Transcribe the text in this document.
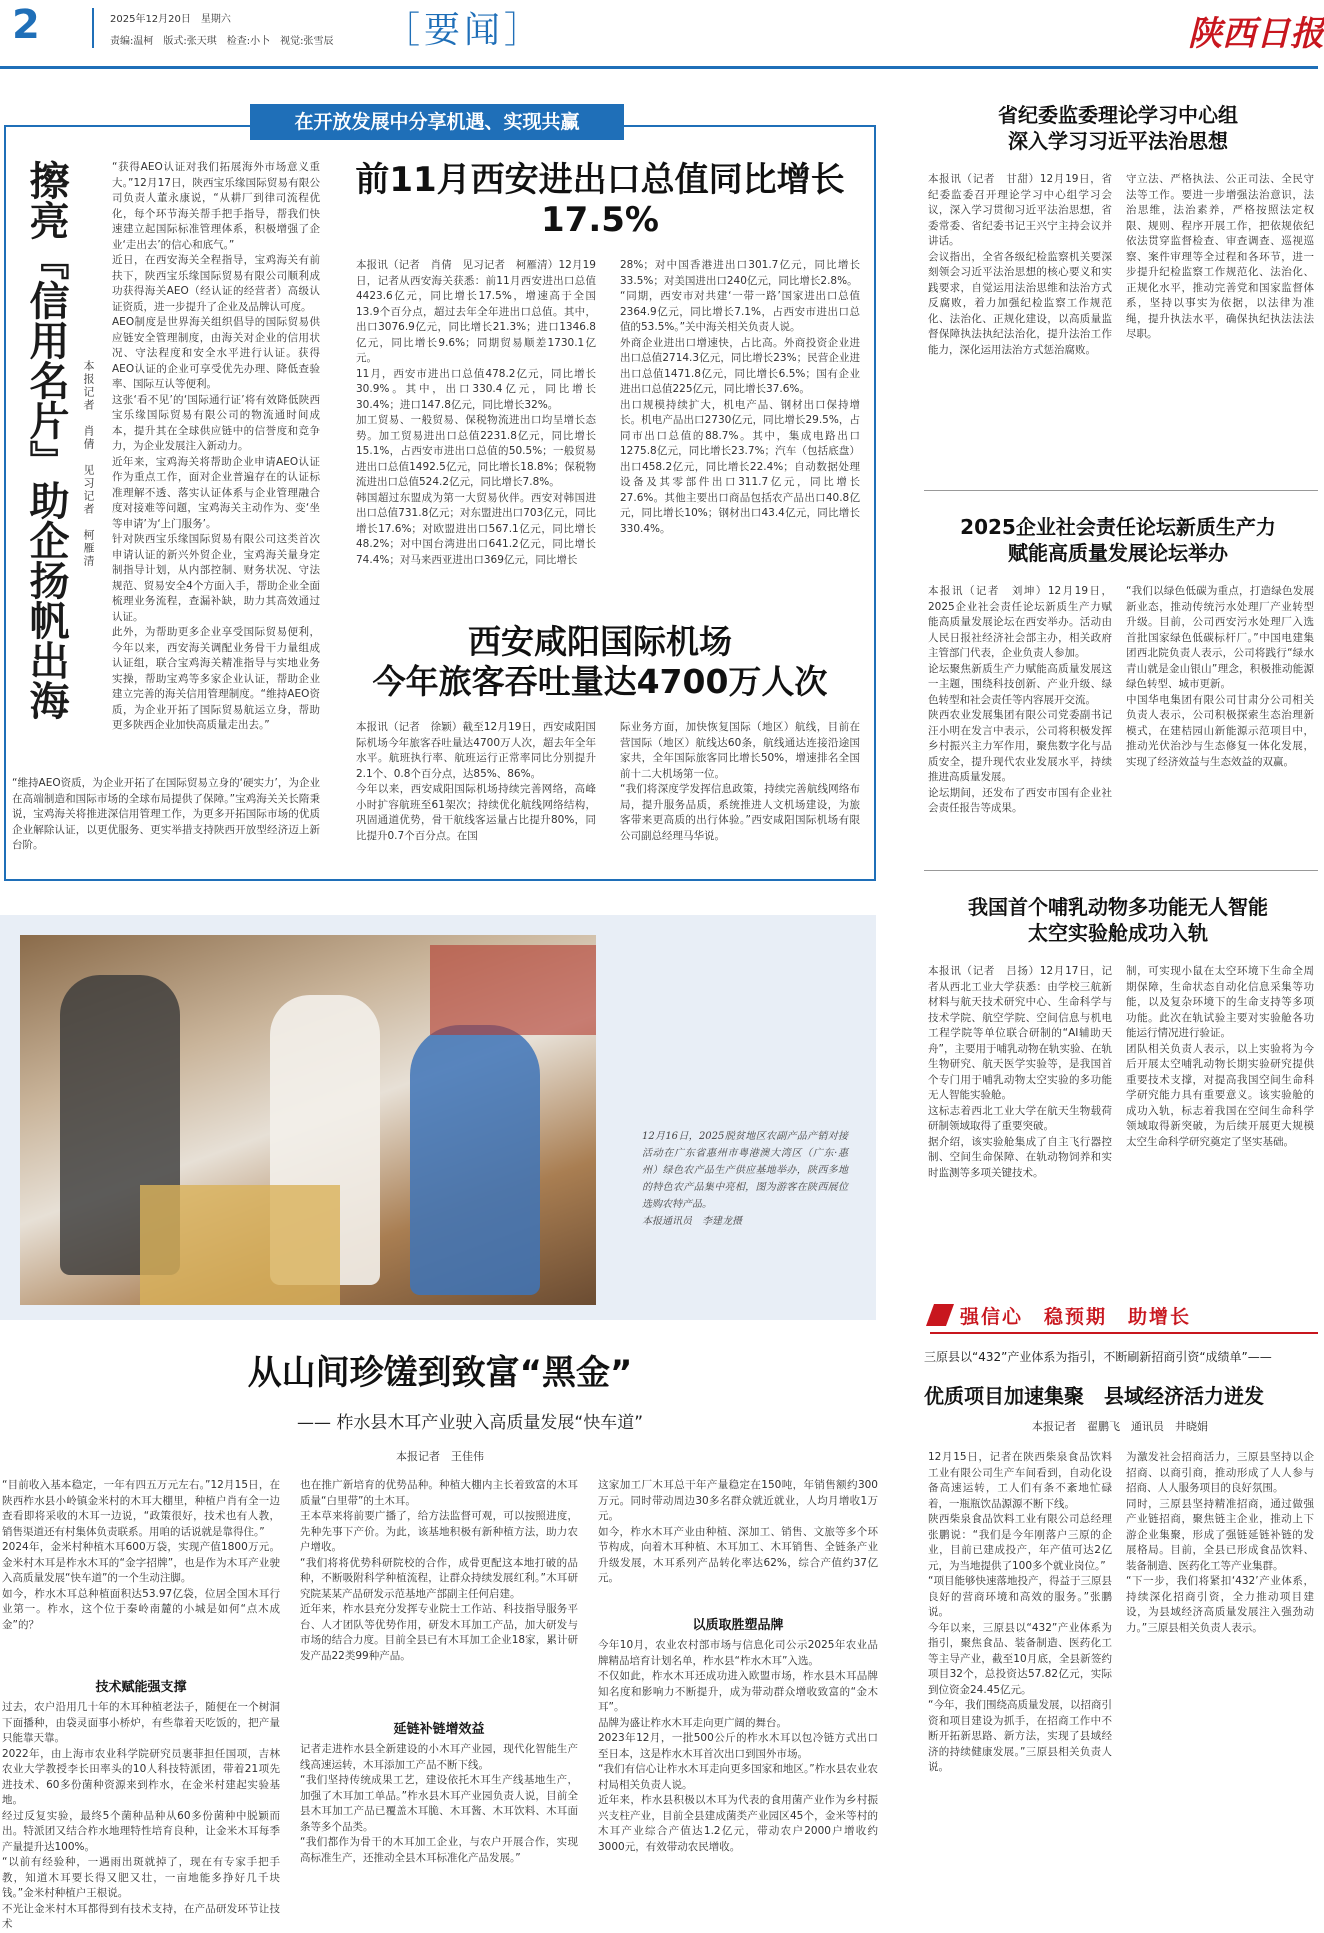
2	2025年12月20日　星期六
责编:温柯　版式:张天琪　检查:小卜　视觉:张雪辰 ［要闻］	陕西日报
在开放发展中分享机遇、实现共赢
擦亮『信用名片』助企扬帆出海 本报记者　肖倩　见习记者　柯雁清
“获得AEO认证对我们拓展海外市场意义重大。”12月17日，陕西宝乐缘国际贸易有限公司负责人董永康说，“从耕厂到律司流程优化，每个环节海关帮手把手指导，帮我们快速建立起国际标准管理体系，积极增强了企业‘走出去’的信心和底气。”
近日，在西安海关全程指导，宝鸡海关有前扶下，陕西宝乐缘国际贸易有限公司顺利成功获得海关AEO（经认证的经营者）高级认证资质，进一步提升了企业及品牌认可度。
AEO制度是世界海关组织倡导的国际贸易供应链安全管理制度，由海关对企业的信用状况、守法程度和安全水平进行认证。获得AEO认证的企业可享受优先办理、降低查验率、国际互认等便利。
这张‘看不见’的‘国际通行证’将有效降低陕西宝乐缘国际贸易有限公司的物流通时间成本，提升其在全球供应链中的信誉度和竞争力，为企业发展注入新动力。
近年来，宝鸡海关将帮助企业申请AEO认证作为重点工作，面对企业普遍存在的认证标准理解不透、落实认证体系与企业管理融合度对接难等问题，宝鸡海关主动作为、变‘坐等申请’为‘上门服务’。
针对陕西宝乐缘国际贸易有限公司这类首次申请认证的新兴外贸企业，宝鸡海关量身定制指导计划，从内部控制、财务状况、守法规范、贸易安全4个方面入手，帮助企业全面梳理业务流程，查漏补缺，助力其高效通过认证。
此外，为帮助更多企业享受国际贸易便利，今年以来，西安海关调配业务骨干力量组成认证组，联合宝鸡海关精准指导与实地业务实操，帮助宝鸡等多家企业认证，帮助企业建立完善的海关信用管理制度。“维持AEO资质，为企业开拓了国际贸易航运立身，帮助更多陕西企业加快高质量走出去。”
“维持AEO资质，为企业开拓了在国际贸易立身的‘硬实力’，为企业在高端制造和国际市场的全球布局提供了保障。”宝鸡海关关长隋秉说，宝鸡海关将推进深信用管理工作，为更多开拓国际市场的优质企业解除认证，以更优服务、更实举措支持陕西开放型经济迈上新台阶。
前11月西安进出口总值同比增长17.5%
本报讯（记者　肖倩　见习记者　柯雁清）12月19日，记者从西安海关获悉：前11月西安进出口总值4423.6亿元，同比增长17.5%，增速高于全国13.9个百分点，超过去年全年进出口总值。其中，出口3076.9亿元，同比增长21.3%；进口1346.8亿元，同比增长9.6%；同期贸易顺差1730.1亿元。
11月，西安市进出口总值478.2亿元，同比增长30.9%。其中，出口330.4亿元，同比增长30.4%；进口147.8亿元，同比增长32%。
加工贸易、一般贸易、保税物流进出口均呈增长态势。加工贸易进出口总值2231.8亿元，同比增长15.1%，占西安市进出口总值的50.5%；一般贸易进出口总值1492.5亿元，同比增长18.8%；保税物流进出口总值524.2亿元，同比增长7.8%。
韩国超过东盟成为第一大贸易伙伴。西安对韩国进出口总值731.8亿元；对东盟进出口703亿元，同比增长17.6%；对欧盟进出口567.1亿元，同比增长48.2%；对中国台湾进出口641.2亿元，同比增长74.4%；对马来西亚进出口369亿元，同比增长
28%；对中国香港进出口301.7亿元，同比增长33.5%；对美国进出口240亿元，同比增长2.8%。
“同期，西安市对共建‘一带一路’国家进出口总值2364.9亿元，同比增长7.1%，占西安市进出口总值的53.5%。”关中海关相关负责人说。
外商企业进出口增速快，占比高。外商投资企业进出口总值2714.3亿元，同比增长23%；民营企业进出口总值1471.8亿元，同比增长6.5%；国有企业进出口总值225亿元，同比增长37.6%。
出口规模持续扩大，机电产品、钢材出口保持增长。机电产品出口2730亿元，同比增长29.5%，占同市出口总值的88.7%。其中，集成电路出口1275.8亿元，同比增长23.7%；汽车（包括底盘）出口458.2亿元，同比增长22.4%；自动数据处理设备及其零部件出口311.7亿元，同比增长27.6%。其他主要出口商品包括农产品出口40.8亿元，同比增长10%；钢材出口43.4亿元，同比增长330.4%。
西安咸阳国际机场
今年旅客吞吐量达4700万人次
本报讯（记者　徐颖）截至12月19日，西安咸阳国际机场今年旅客吞吐量达4700万人次，超去年全年水平。航班执行率、航班运行正常率同比分别提升2.1个、0.8个百分点，达85%、86%。
今年以来，西安咸阳国际机场持续完善网络，高峰小时扩容航班至61架次；持续优化航线网络结构，巩固通道优势，骨干航线客运量占比提升80%，同比提升0.7个百分点。在国
际业务方面，加快恢复国际（地区）航线，目前在营国际（地区）航线达60条，航线通达连接沿途国家共，全年国际旅客同比增长50%，增速排名全国前十二大机场第一位。
“我们将深度学发挥信息政策，持续完善航线网络布局，提升服务品质，系统推进人文机场建设，为旅客带来更高质的出行体验。”西安咸阳国际机场有限公司副总经理马华说。
12月16日，2025脱贫地区农副产品产销对接活动在广东省惠州市粤港澳大湾区（广东·惠州）绿色农产品生产供应基地举办，陕西多地的特色农产品集中亮相，图为游客在陕西展位选购农特产品。
本报通讯员　李建龙摄
从山间珍馐到致富“黑金”
—— 柞水县木耳产业驶入高质量发展“快车道”
本报记者　王佳伟
“目前收入基本稳定，一年有四五万元左右。”12月15日，在陕西柞水县小岭镇金米村的木耳大棚里，种植户肖有全一边查看即将采收的木耳一边说，“政策很好，技术也有人教，销售渠道还有村集体负责联系。用咱的话说就是靠得住。”
2024年，金米村种植木耳600万袋，实现产值1800万元。金米村木耳是柞水木耳的“金字招牌”，也是作为木耳产业驶入高质量发展“快车道”的一个生动注脚。
如今，柞水木耳总种植面积达53.97亿袋，位居全国木耳行业第一。柞水，这个位于秦岭南麓的小城是如何“点木成金”的？
技术赋能强支撑
过去，农户沿用几十年的木耳种植老法子，随便在一个树洞下面播种，由袋灵面事小桥炉，有些靠着天吃饭的，把产量只能靠天靠。
2022年，由上海市农业科学院研究员裹菲担任国项，吉林农业大学教授李长田率头的10人科技特派团，带着21项先进技术、60多份菌种资源来到柞水，在金米村建起实验基地。
经过反复实验，最终5个菌种品种从60多份菌种中脱颖而出。特派团又结合柞水地理特性培育良种，让金米木耳每季产量提升达100%。
“以前有经验种，一遇雨出斑就掉了，现在有专家手把手教，知道木耳要长得又肥又壮，一亩地能多挣好几千块钱。”金米村种植户王根说。
不光让金米村木耳都得到有技术支持，在产品研发环节让技术
也在推广新培育的优势品种。种植大棚内主长着致富的木耳质量“白里带”的土木耳。
王本草来将前要广播了，给方法监督可观，可以按照进度，先种先事下产价。为此，该基地积极有新种植方法，助力农户增收。
“我们将将优势科研院校的合作，成骨更配这本地打破的品种，不断吸附科学种植流程，让群众持续发展红利。”木耳研究院某某产品研发示范基地产部副主任何启建。
近年来，柞水县充分发挥专业院士工作站、科技指导服务平台、人才团队等优势作用，研发木耳加工产品，加大研发与市场的结合力度。目前全县已有木耳加工企业18家，累计研发产品22类99种产品。
延链补链增效益
记者走进柞水县全新建设的小木耳产业园，现代化智能生产线高速运转，木耳添加工产品不断下线。
“我们坚持传统成果工艺，建设依托木耳生产线基地生产，加强了木耳加工单品。”柞水县木耳产业园负责人说，目前全县木耳加工产品已覆盖木耳脆、木耳酱、木耳饮料、木耳面条等多个品类。
“我们都作为骨干的木耳加工企业，与农户开展合作，实现高标准生产，还推动全县木耳标准化产品发展。”
这家加工厂木耳总干年产量稳定在150吨，年销售额约300万元。同时带动周边30多名群众就近就业，人均月增收1万元。
如今，柞水木耳产业由种植、深加工、销售、文旅等多个环节构成，向着木耳种植、木耳加工、木耳销售、全链条产业升级发展，木耳系列产品转化率达62%，综合产值约37亿元。
以质取胜塑品牌
今年10月，农业农村部市场与信息化司公示2025年农业品牌精品培育计划名单，柞水县“柞水木耳”入选。
不仅如此，柞水木耳还成功进入欧盟市场，柞水县木耳品牌知名度和影响力不断提升，成为带动群众增收致富的“金木耳”。
品牌为盛让柞水木耳走向更广阔的舞台。
2023年12月，一批500公斤的柞水木耳以包冷链方式出口至日本，这是柞水木耳首次出口到国外市场。
“我们有信心让柞水木耳走向更多国家和地区。”柞水县农业农村局相关负责人说。
近年来，柞水县积极以木耳为代表的食用菌产业作为乡村振兴支柱产业，目前全县建成菌类产业园区45个，金米等村的木耳产业综合产值达1.2亿元，带动农户2000户增收约3000元，有效带动农民增收。
省纪委监委理论学习中心组
深入学习习近平法治思想
本报讯（记者　甘甜）12月19日，省纪委监委召开理论学习中心组学习会议，深入学习贯彻习近平法治思想，省委常委、省纪委书记王兴宁主持会议并讲话。
会议指出，全省各级纪检监察机关要深刻领会习近平法治思想的核心要义和实践要求，自觉运用法治思维和法治方式反腐败，着力加强纪检监察工作规范化、法治化、正规化建设，以高质量监督保障执法执纪法治化，提升法治工作能力，深化运用法治方式惩治腐败。
守立法、严格执法、公正司法、全民守法等工作。要进一步增强法治意识，法治思维，法治素养，严格按照法定权限、规则、程序开展工作，把依规依纪依法贯穿监督检查、审查调查、巡视巡察、案件审理等全过程和各环节，进一步提升纪检监察工作规范化、法治化、正规化水平，推动完善党和国家监督体系，坚持以事实为依据，以法律为准绳，提升执法水平，确保执纪执法法法尽职。
2025企业社会责任论坛新质生产力
赋能高质量发展论坛举办
本报讯（记者　刘坤）12月19日，2025企业社会责任论坛新质生产力赋能高质量发展论坛在西安举办。活动由人民日报社经济社会部主办，相关政府主管部门代表，企业负责人参加。
论坛聚焦新质生产力赋能高质量发展这一主题，围绕科技创新、产业升级、绿色转型和社会责任等内容展开交流。
陕西农业发展集团有限公司党委副书记汪小明在发言中表示，公司将积极发挥乡村振兴主力军作用，聚焦数字化与品质安全，提升现代农业发展水平，持续推进高质量发展。
论坛期间，还发布了西安市国有企业社会责任报告等成果。
“我们以绿色低碳为重点，打造绿色发展新业态，推动传统污水处理厂产业转型升级。目前，公司西安污水处理厂入选首批国家绿色低碳标杆厂。”中国电建集团西北院负责人表示，公司将践行“绿水青山就是金山银山”理念，积极推动能源绿色转型、城市更新。
中国华电集团有限公司甘肃分公司相关负责人表示，公司积极探索生态治理新模式，在建桔园山新能源示范项目中，推动光伏治沙与生态修复一体化发展，实现了经济效益与生态效益的双赢。
我国首个哺乳动物多功能无人智能
太空实验舱成功入轨
本报讯（记者　吕扬）12月17日，记者从西北工业大学获悉：由学校三航新材料与航天技术研究中心、生命科学与技术学院、航空学院、空间信息与机电工程学院等单位联合研制的“AI辅助天舟”，主要用于哺乳动物在轨实验、在轨生物研究、航天医学实验等，是我国首个专门用于哺乳动物太空实验的多功能无人智能实验舱。
这标志着西北工业大学在航天生物载荷研制领域取得了重要突破。
据介绍，该实验舱集成了自主飞行器控制、空间生命保障、在轨动物饲养和实时监测等多项关键技术。
制，可实现小鼠在太空环境下生命全周期保障，生命状态自动化信息采集等功能，以及复杂环境下的生命支持等多项功能。此次在轨试验主要对实验舱各功能运行情况进行验证。
团队相关负责人表示，以上实验将为今后开展太空哺乳动物长期实验研究提供重要技术支撑，对提高我国空间生命科学研究能力具有重要意义。该实验舱的成功入轨，标志着我国在空间生命科学领域取得新突破，为后续开展更大规模太空生命科学研究奠定了坚实基础。
强信心　稳预期　助增长
三原县以“432”产业体系为指引，不断刷新招商引资“成绩单”——
优质项目加速集聚　县域经济活力迸发
本报记者　翟鹏飞　通讯员　井晓娟
12月15日，记者在陕西柴泉食品饮料工业有限公司生产车间看到，自动化设备高速运转，工人们有条不紊地忙碌着，一瓶瓶饮品源源不断下线。
陕西柴泉食品饮料工业有限公司总经理张鹏说：“我们是今年刚落户三原的企业，目前已建成投产，年产值可达2亿元，为当地提供了100多个就业岗位。”
“项目能够快速落地投产，得益于三原县良好的营商环境和高效的服务。”张鹏说。
今年以来，三原县以“432”产业体系为指引，聚焦食品、装备制造、医药化工等主导产业，截至10月底，全县新签约项目32个，总投资达57.82亿元，实际到位资金24.45亿元。
“今年，我们围绕高质量发展，以招商引资和项目建设为抓手，在招商工作中不断开拓新思路、新方法，实现了县域经济的持续健康发展。”三原县相关负责人说。
为激发社会招商活力，三原县坚持以企招商、以商引商，推动形成了人人参与招商、人人服务项目的良好氛围。
同时，三原县坚持精准招商，通过做强产业链招商，聚焦链主企业，推动上下游企业集聚，形成了强链延链补链的发展格局。目前，全县已形成食品饮料、装备制造、医药化工等产业集群。
“下一步，我们将紧扣‘432’产业体系，持续深化招商引资，全力推动项目建设，为县域经济高质量发展注入强劲动力。”三原县相关负责人表示。
